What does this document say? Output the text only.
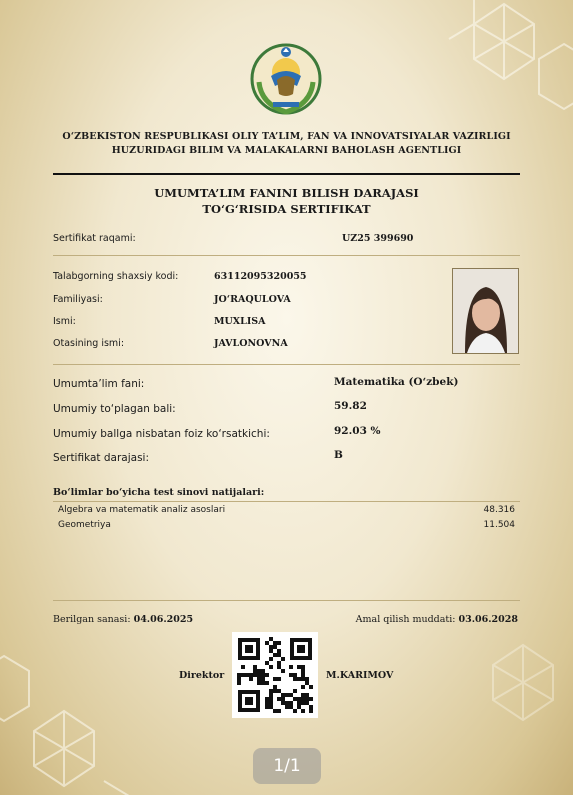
O‘ZBEKISTON RESPUBLIKASI OLIY TA’LIM, FAN VA INNOVATSIYALAR VAZIRLIGI
HUZURIDAGI BILIM VA MALAKALARNI BAHOLASH AGENTLIGI
UMUMTA’LIM FANINI BILISH DARAJASI
TO‘G‘RISIDA SERTIFIKAT
Sertifikat raqami:	UZ25 399690
Talabgorning shaxsiy kodi:	63112095320055
Familiyasi:	JO‘RAQULOVA
Ismi:	MUXLISA
Otasining ismi:	JAVLONOVNA
Umumta’lim fani:	Matematika (O‘zbek)
Umumiy to‘plagan bali:	59.82
Umumiy ballga nisbatan foiz ko‘rsatkichi:	92.03 %
Sertifikat darajasi:	B
Bo‘limlar bo‘yicha test sinovi natijalari:
Algebra va matematik analiz asoslari	48.316
Geometriya	11.504
Berilgan sanasi: 04.06.2025	Amal qilish muddati: 03.06.2028
Direktor	M.KARIMOV
1/1
